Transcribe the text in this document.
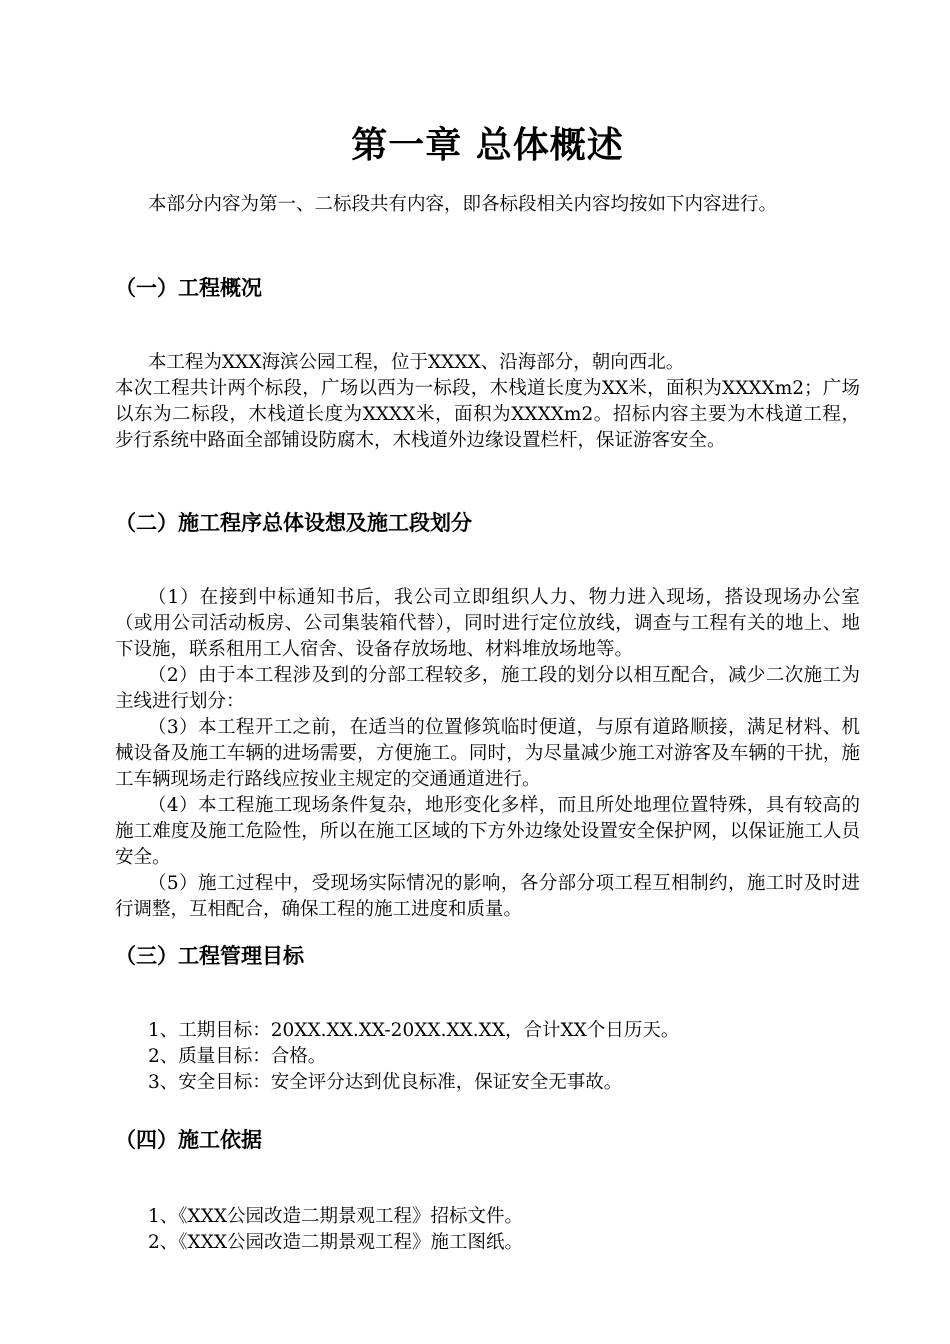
第一章 总体概述

本部分内容为第一、二标段共有内容，即各标段相关内容均按如下内容进行。

（一）工程概况
本工程为XXX海滨公园工程，位于XXXX、沿海部分，朝向西北。
本次工程共计两个标段，广场以西为一标段，木栈道长度为XX米，面积为XXXXm2；广场以东为二标段，木栈道长度为XXXX米，面积为XXXXm2。招标内容主要为木栈道工程，步行系统中路面全部铺设防腐木，木栈道外边缘设置栏杆，保证游客安全。
（二）施工程序总体设想及施工段划分
（1）在接到中标通知书后，我公司立即组织人力、物力进入现场，搭设现场办公室（或用公司活动板房、公司集装箱代替），同时进行定位放线，调查与工程有关的地上、地下设施，联系租用工人宿舍、设备存放场地、材料堆放场地等。
（2）由于本工程涉及到的分部工程较多，施工段的划分以相互配合，减少二次施工为主线进行划分：
（3）本工程开工之前，在适当的位置修筑临时便道，与原有道路顺接，满足材料、机械设备及施工车辆的进场需要，方便施工。同时，为尽量减少施工对游客及车辆的干扰，施工车辆现场走行路线应按业主规定的交通通道进行。
（4）本工程施工现场条件复杂，地形变化多样，而且所处地理位置特殊，具有较高的施工难度及施工危险性，所以在施工区域的下方外边缘处设置安全保护网，以保证施工人员安全。
（5）施工过程中，受现场实际情况的影响，各分部分项工程互相制约，施工时及时进行调整，互相配合，确保工程的施工进度和质量。
（三）工程管理目标
1、工期目标：20XX.XX.XX-20XX.XX.XX，合计XX个日历天。
2、质量目标：合格。
3、安全目标：安全评分达到优良标准，保证安全无事故。
（四）施工依据
1、《XXX公园改造二期景观工程》招标文件。
2、《XXX公园改造二期景观工程》施工图纸。
